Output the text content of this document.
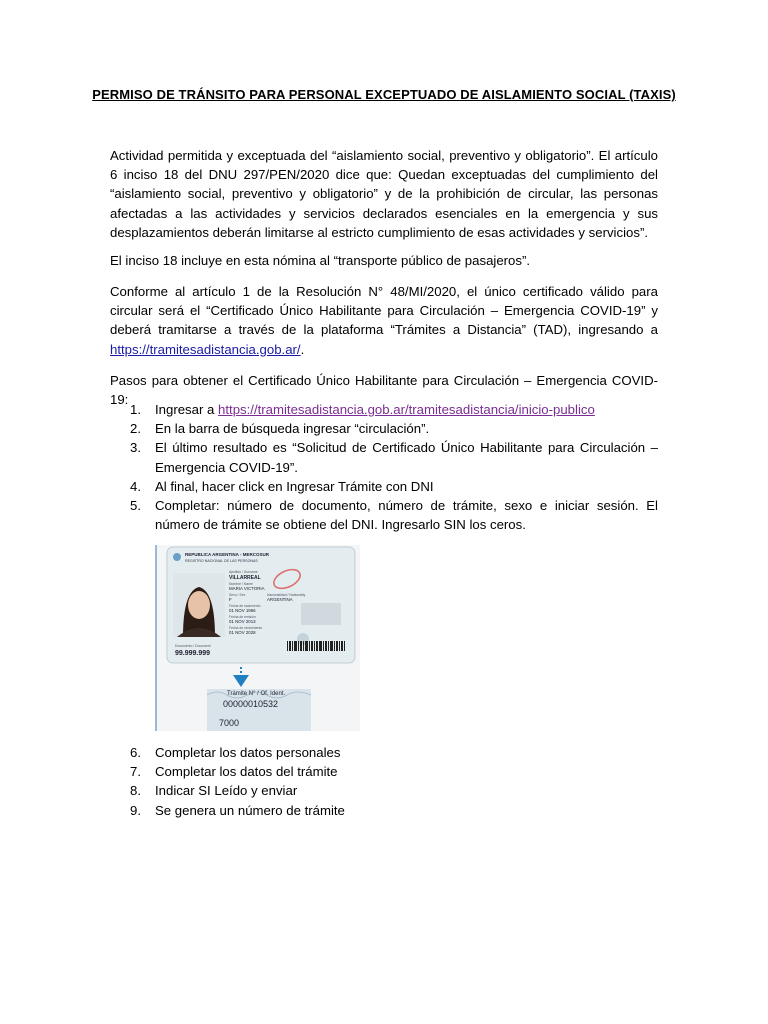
PERMISO DE TRÁNSITO PARA PERSONAL EXCEPTUADO DE AISLAMIENTO SOCIAL (TAXIS)

Actividad permitida y exceptuada del “aislamiento social, preventivo y obligatorio”. El artículo 6 inciso 18 del DNU 297/PEN/2020 dice que: Quedan exceptuadas del cumplimiento del “aislamiento social, preventivo y obligatorio” y de la prohibición de circular, las personas afectadas a las actividades y servicios declarados esenciales en la emergencia y sus desplazamientos deberán limitarse al estricto cumplimiento de esas actividades y servicios”.

El inciso 18 incluye en esta nómina al “transporte público de pasajeros”.

Conforme al artículo 1 de la Resolución N° 48/MI/2020, el único certificado válido para circular será el “Certificado Único Habilitante para Circulación – Emergencia COVID-19” y deberá tramitarse a través de la plataforma “Trámites a Distancia” (TAD), ingresando a https://tramitesadistancia.gob.ar/.

Pasos para obtener el Certificado Único Habilitante para Circulación – Emergencia COVID-19:

1. Ingresar a https://tramitesadistancia.gob.ar/tramitesadistancia/inicio-publico
2. En la barra de búsqueda ingresar “circulación”.
3. El último resultado es “Solicitud de Certificado Único Habilitante para Circulación – Emergencia COVID-19”.
4. Al final, hacer click en Ingresar Trámite con DNI
5. Completar: número de documento, número de trámite, sexo e iniciar sesión. El número de trámite se obtiene del DNI. Ingresarlo SIN los ceros.
REPUBLICA ARGENTINA - MERCOSUR
REGISTRO NACIONAL DE LAS PERSONAS
Apellido / Surname
VILLARREAL
Nombre / Name
MARIA VICTORIA
Sexo / Sex
F
Nacionalidad / Nationality
ARGENTINA
Fecha de nacimiento
01 NOV 1966
Fecha de emisión
01 NOV 2013
Fecha de vencimiento
01 NOV 2028
Documento / Document
99.999.999
Trámite N° / Of. Ident.
00000010532
7000
6. Completar los datos personales
7. Completar los datos del trámite
8. Indicar SI Leído y enviar
9. Se genera un número de trámite
